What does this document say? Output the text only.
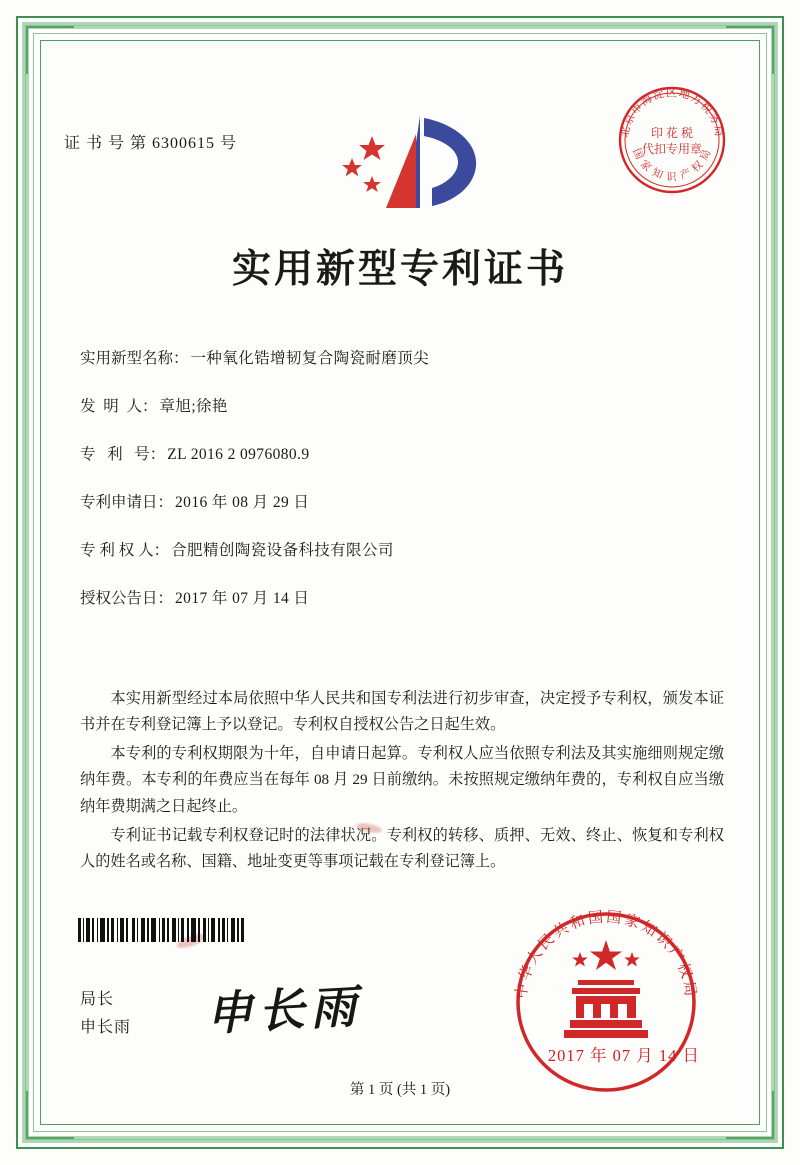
证 书 号 第 6300615 号
北京市海淀区地方税务局
国 家 知 识 产 权 局
印 花 税
代扣专用章
实用新型专利证书
实用新型名称： 一种氧化锆增韧复合陶瓷耐磨顶尖
发  明  人： 章旭;徐艳
专   利   号： ZL 2016 2 0976080.9
专利申请日： 2016 年 08 月 29 日
专 利 权 人： 合肥精创陶瓷设备科技有限公司
授权公告日： 2017 年 07 月 14 日

本实用新型经过本局依照中华人民共和国专利法进行初步审查，决定授予专利权，颁发本证书并在专利登记簿上予以登记。专利权自授权公告之日起生效。

本专利的专利权期限为十年，自申请日起算。专利权人应当依照专利法及其实施细则规定缴纳年费。本专利的年费应当在每年 08 月 29 日前缴纳。未按照规定缴纳年费的，专利权自应当缴纳年费期满之日起终止。

专利证书记载专利权登记时的法律状况。专利权的转移、质押、无效、终止、恢复和专利权人的姓名或名称、国籍、地址变更等事项记载在专利登记簿上。

局长
申长雨 申长雨	中华人民共和国国家知识产权局
2017 年 07 月 14 日
第 1 页 (共 1 页)
